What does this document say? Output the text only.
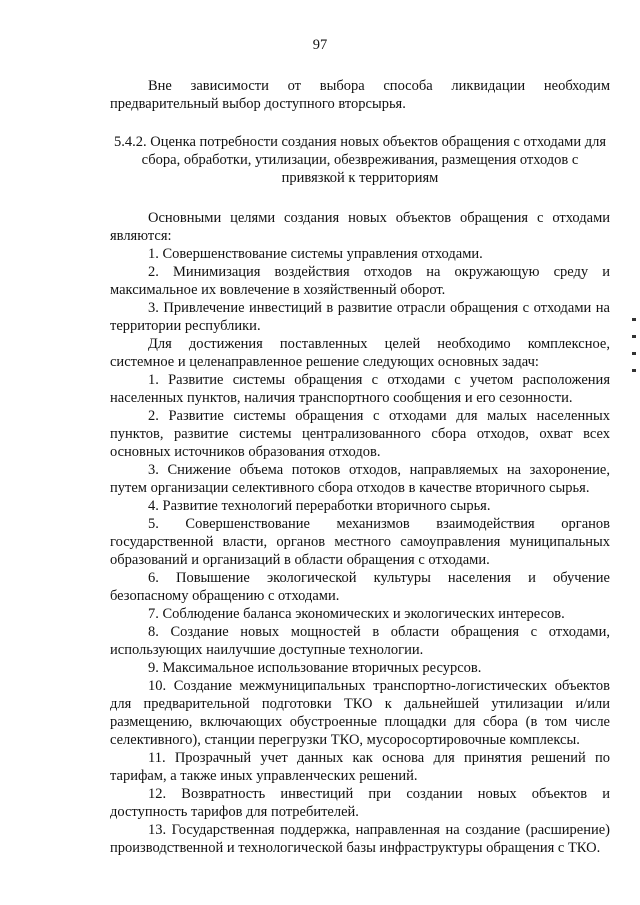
97

Вне зависимости от выбора способа ликвидации необходим предварительный выбор доступного вторсырья.

5.4.2. Оценка потребности создания новых объектов обращения с отходами для сбора, обработки, утилизации, обезвреживания, размещения отходов с привязкой к территориям

Основными целями создания новых объектов обращения с отходами являются:

1. Совершенствование системы управления отходами.

2. Минимизация воздействия отходов на окружающую среду и максимальное их вовлечение в хозяйственный оборот.

3. Привлечение инвестиций в развитие отрасли обращения с отходами на территории республики.

Для достижения поставленных целей необходимо комплексное, системное и целенаправленное решение следующих основных задач:

1. Развитие системы обращения с отходами с учетом расположения населенных пунктов, наличия транспортного сообщения и его сезонности.

2. Развитие системы обращения с отходами для малых населенных пунктов, развитие системы централизованного сбора отходов, охват всех основных источников образования отходов.

3. Снижение объема потоков отходов, направляемых на захоронение, путем организации селективного сбора отходов в качестве вторичного сырья.

4. Развитие технологий переработки вторичного сырья.

5. Совершенствование механизмов взаимодействия органов государственной власти, органов местного самоуправления муниципальных образований и организаций в области обращения с отходами.

6. Повышение экологической культуры населения и обучение безопасному обращению с отходами.

7. Соблюдение баланса экономических и экологических интересов.

8. Создание новых мощностей в области обращения с отходами, использующих наилучшие доступные технологии.

9. Максимальное использование вторичных ресурсов.

10. Создание межмуниципальных транспортно-логистических объектов для предварительной подготовки ТКО к дальнейшей утилизации и/или размещению, включающих обустроенные площадки для сбора (в том числе селективного), станции перегрузки ТКО, мусоросортировочные комплексы.

11. Прозрачный учет данных как основа для принятия решений по тарифам, а также иных управленческих решений.

12. Возвратность инвестиций при создании новых объектов и доступность тарифов для потребителей.

13. Государственная поддержка, направленная на создание (расширение) производственной и технологической базы инфраструктуры обращения с ТКО.
